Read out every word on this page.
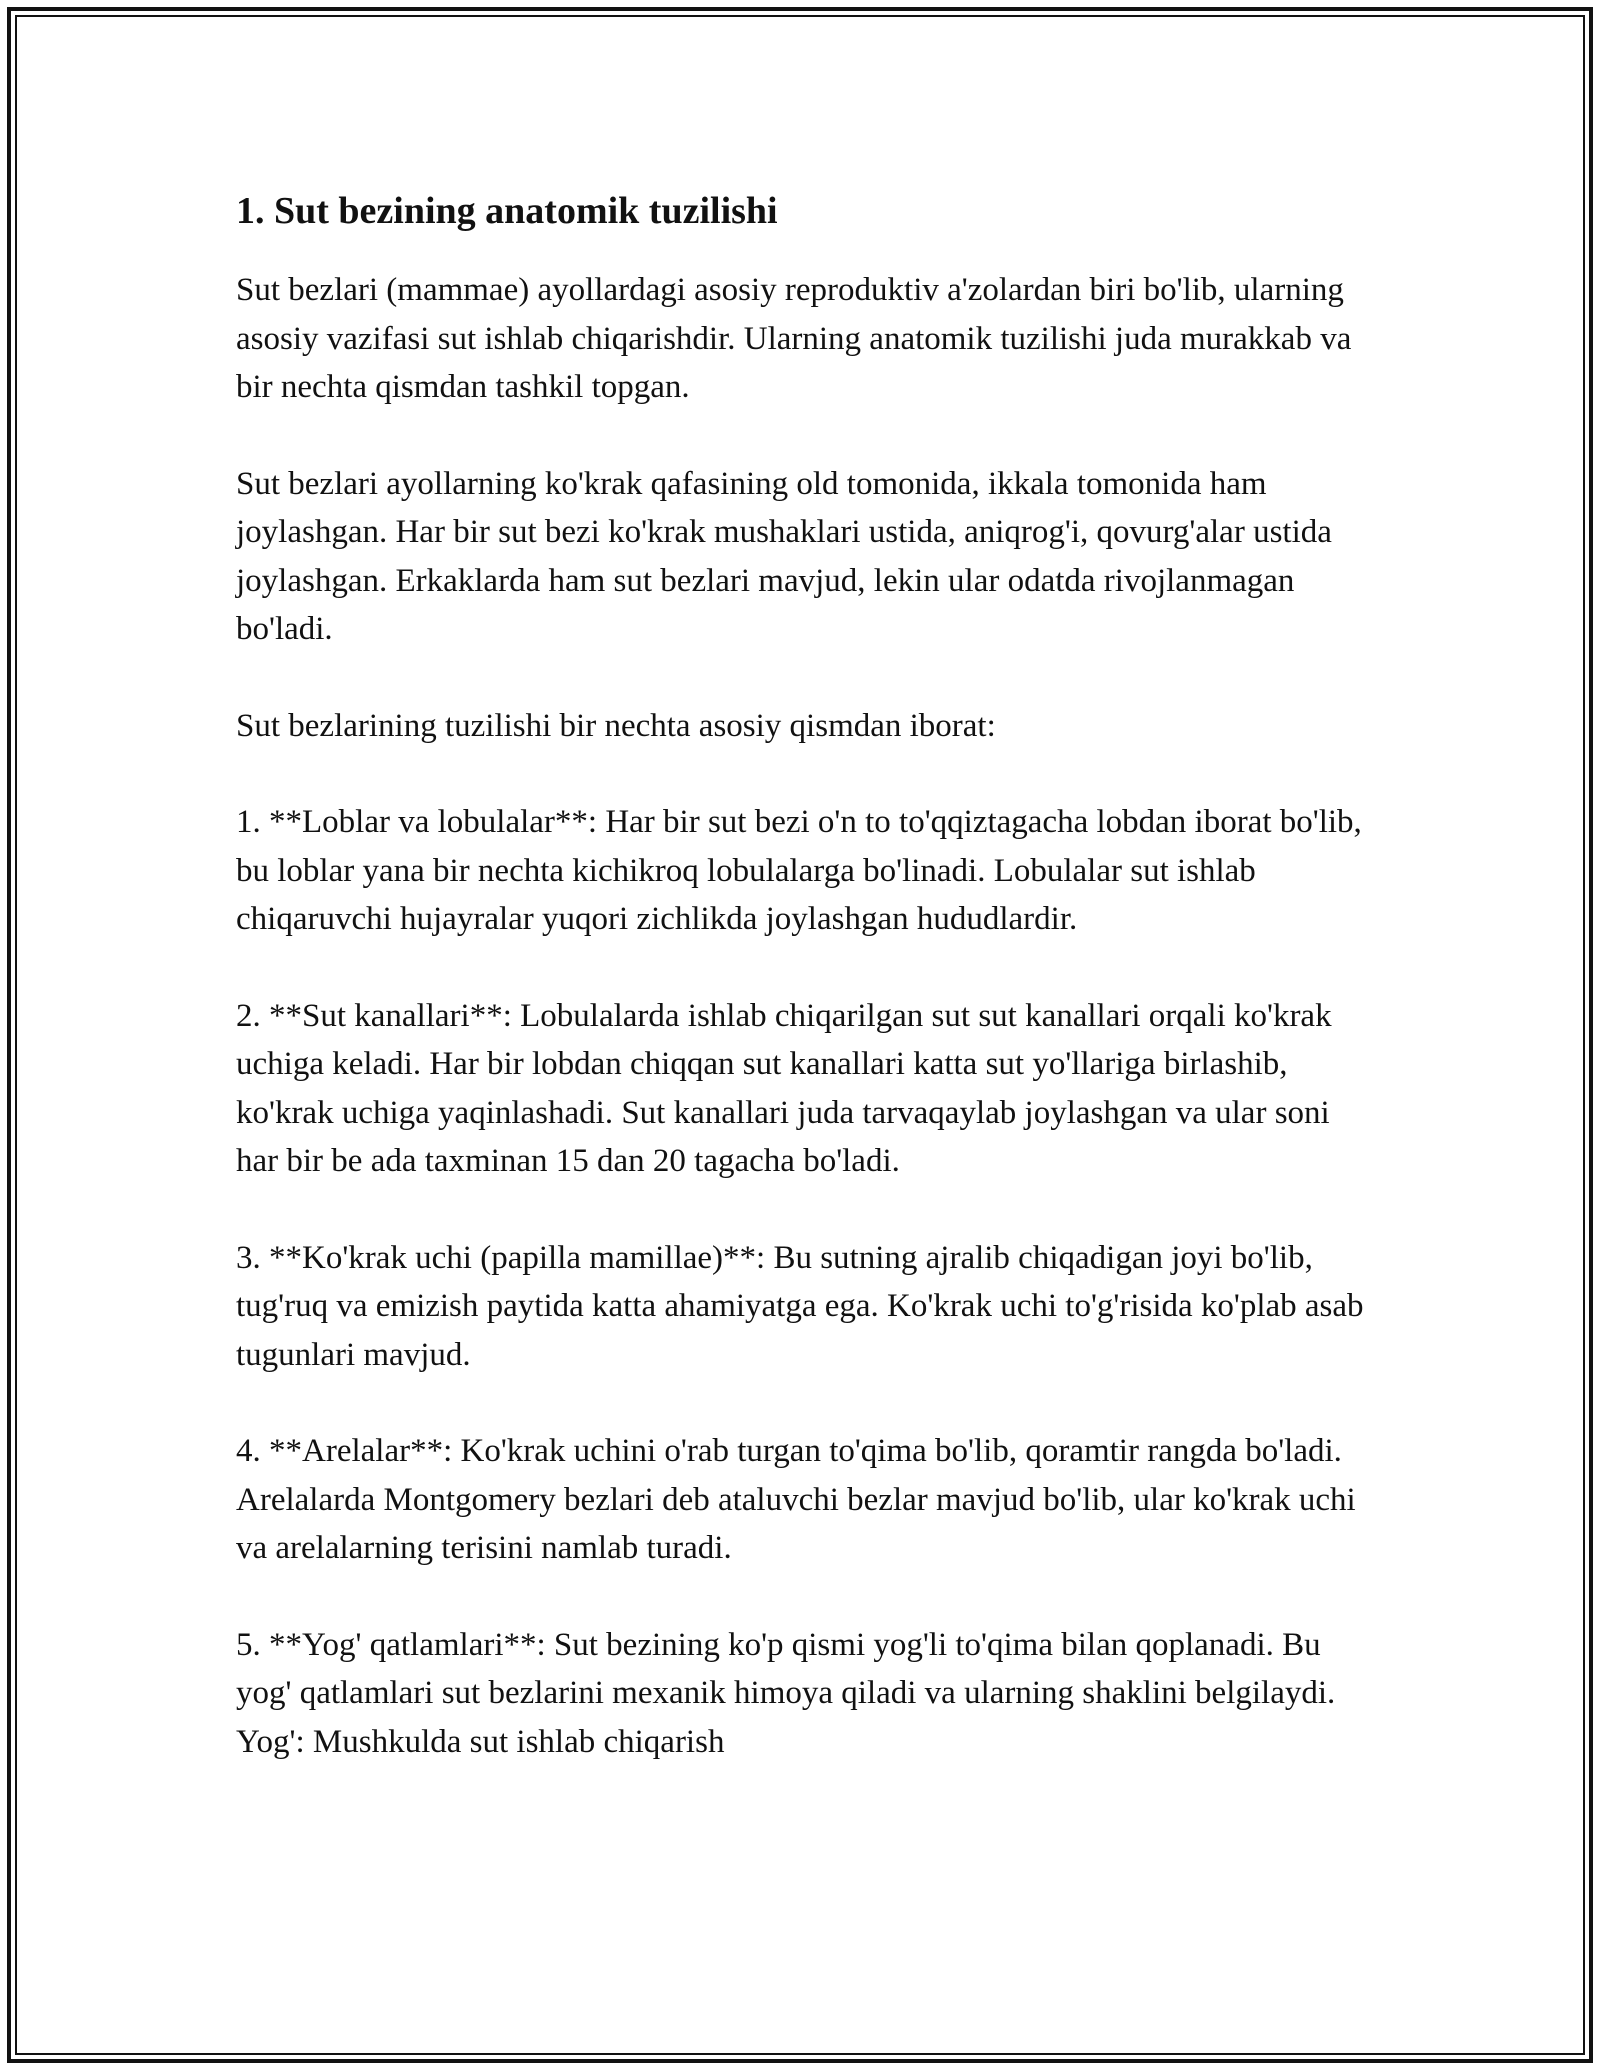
1. Sut bezining anatomik tuzilishi

Sut bezlari (mammae) ayollardagi asosiy reproduktiv a'zolardan biri bo'lib, ularning asosiy vazifasi sut ishlab chiqarishdir. Ularning anatomik tuzilishi juda murakkab va bir nechta qismdan tashkil topgan.

Sut bezlari ayollarning ko'krak qafasining old tomonida, ikkala tomonida ham joylashgan. Har bir sut bezi ko'krak mushaklari ustida, aniqrog'i, qovurg'alar ustida joylashgan. Erkaklarda ham sut bezlari mavjud, lekin ular odatda rivojlanmagan bo'ladi.

Sut bezlarining tuzilishi bir nechta asosiy qismdan iborat:

1. **Loblar va lobulalar**: Har bir sut bezi o'n to to'qqiztagacha lobdan iborat bo'lib, bu loblar yana bir nechta kichikroq lobulalarga bo'linadi. Lobulalar sut ishlab chiqaruvchi hujayralar yuqori zichlikda joylashgan hududlardir.

2. **Sut kanallari**: Lobulalarda ishlab chiqarilgan sut sut kanallari orqali ko'krak uchiga keladi. Har bir lobdan chiqqan sut kanallari katta sut yo'llariga birlashib, ko'krak uchiga yaqinlashadi. Sut kanallari juda tarvaqaylab joylashgan va ular soni har bir be ada taxminan 15 dan 20 tagacha bo'ladi.

3. **Ko'krak uchi (papilla mamillae)**: Bu sutning ajralib chiqadigan joyi bo'lib, tug'ruq va emizish paytida katta ahamiyatga ega. Ko'krak uchi to'g'risida ko'plab asab tugunlari mavjud.

4. **Arelalar**: Ko'krak uchini o'rab turgan to'qima bo'lib, qoramtir rangda bo'ladi. Arelalarda Montgomery bezlari deb ataluvchi bezlar mavjud bo'lib, ular ko'krak uchi va arelalarning terisini namlab turadi.

5. **Yog' qatlamlari**: Sut bezining ko'p qismi yog'li to'qima bilan qoplanadi. Bu yog' qatlamlari sut bezlarini mexanik himoya qiladi va ularning shaklini belgilaydi. Yog': Mushkulda sut ishlab chiqarish
